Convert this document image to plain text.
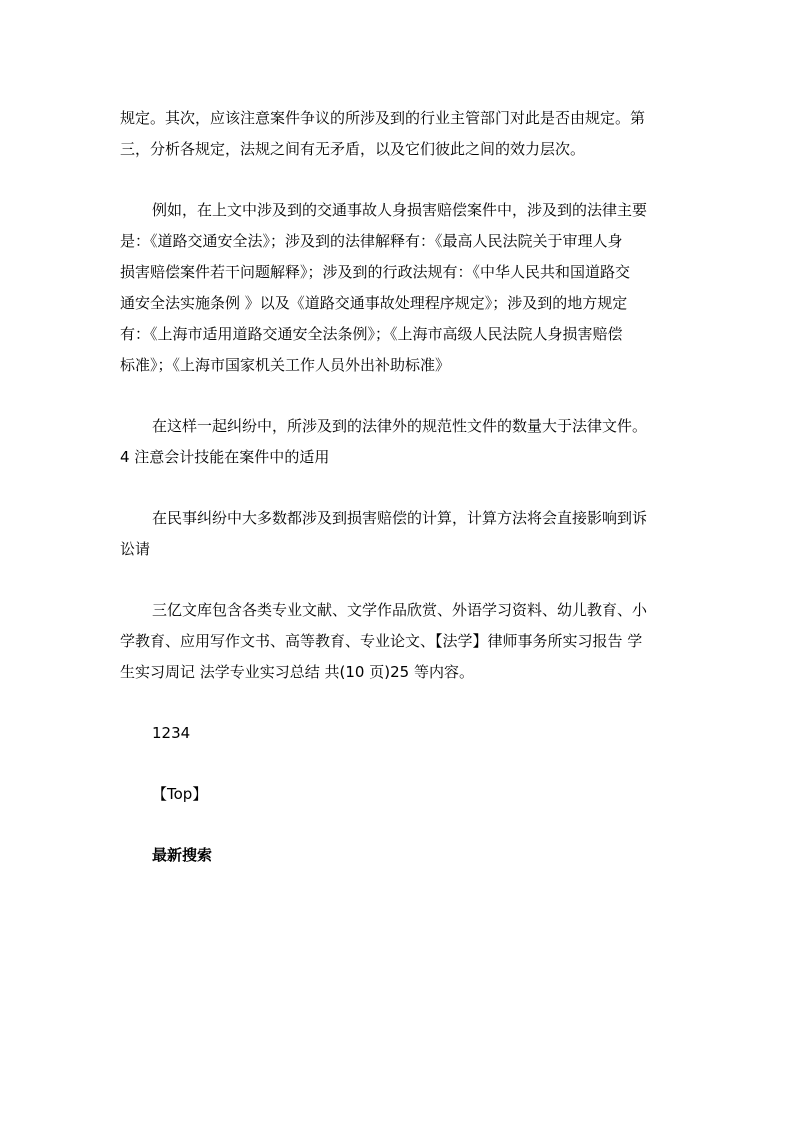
规定。其次，应该注意案件争议的所涉及到的行业主管部门对此是否由规定。第
三，分析各规定，法规之间有无矛盾，以及它们彼此之间的效力层次。

例如，在上文中涉及到的交通事故人身损害赔偿案件中，涉及到的法律主要
是：《道路交通安全法》；涉及到的法律解释有：《最高人民法院关于审理人身
损害赔偿案件若干问题解释》；涉及到的行政法规有：《中华人民共和国道路交
通安全法实施条例 》以及《道路交通事故处理程序规定》；涉及到的地方规定
有：《上海市适用道路交通安全法条例》；《上海市高级人民法院人身损害赔偿
标准》；《上海市国家机关工作人员外出补助标准》

在这样一起纠纷中，所涉及到的法律外的规范性文件的数量大于法律文件。

4 注意会计技能在案件中的适用

在民事纠纷中大多数都涉及到损害赔偿的计算，计算方法将会直接影响到诉
讼请

三亿文库包含各类专业文献、文学作品欣赏、外语学习资料、幼儿教育、小
学教育、应用写作文书、高等教育、专业论文、【法学】律师事务所实习报告 学
生实习周记 法学专业实习总结 共(10 页)25 等内容。

1234

【Top】

最新搜索
